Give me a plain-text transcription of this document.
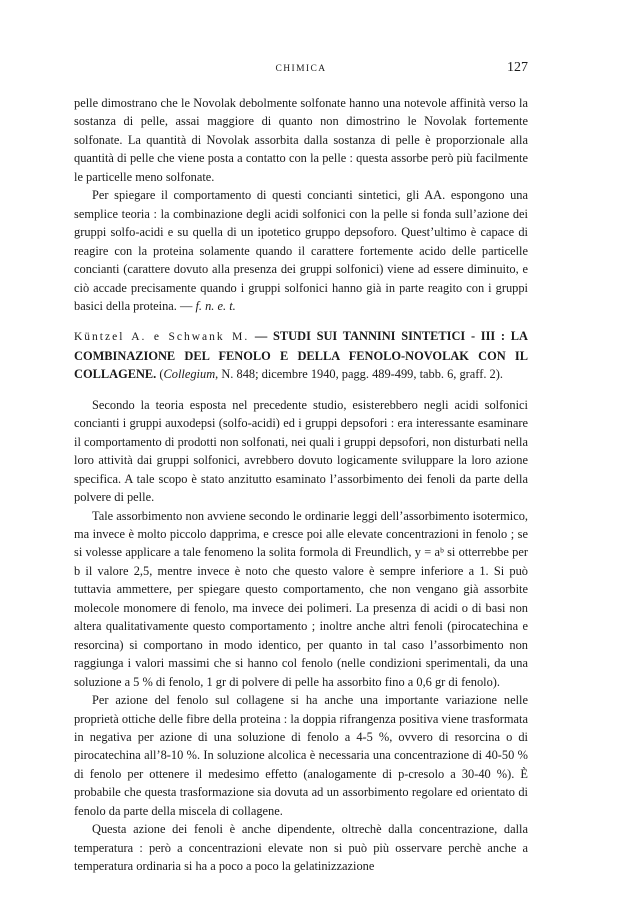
CHIMICA	127

pelle dimostrano che le Novolak debolmente solfonate hanno una notevole affinità verso la sostanza di pelle, assai maggiore di quanto non dimostrino le Novolak fortemente solfonate. La quantità di Novolak assorbita dalla sostanza di pelle è proporzionale alla quantità di pelle che viene posta a contatto con la pelle : questa assorbe però più facilmente le particelle meno solfonate.

Per spiegare il comportamento di questi concianti sintetici, gli AA. espongono una semplice teoria : la combinazione degli acidi solfonici con la pelle si fonda sull’azione dei gruppi solfo-acidi e su quella di un ipotetico gruppo depsoforo. Quest’ultimo è capace di reagire con la proteina solamente quando il carattere fortemente acido delle particelle concianti (carattere dovuto alla presenza dei gruppi solfonici) viene ad essere diminuito, e ciò accade precisamente quando i gruppi solfonici hanno già in parte reagito con i gruppi basici della proteina. — f. n. e. t.

Küntzel A. e Schwank M. — STUDI SUI TANNINI SINTETICI - III : LA COMBINAZIONE DEL FENOLO E DELLA FENOLO-NOVOLAK CON IL COLLAGENE. (Collegium, N. 848; dicembre 1940, pagg. 489-499, tabb. 6, graff. 2).

Secondo la teoria esposta nel precedente studio, esisterebbero negli acidi solfonici concianti i gruppi auxodepsi (solfo-acidi) ed i gruppi depsofori : era interessante esaminare il comportamento di prodotti non solfonati, nei quali i gruppi depsofori, non disturbati nella loro attività dai gruppi solfonici, avrebbero dovuto logicamente sviluppare la loro azione specifica. A tale scopo è stato anzitutto esaminato l’assorbimento dei fenoli da parte della polvere di pelle.

Tale assorbimento non avviene secondo le ordinarie leggi dell’assorbimento isotermico, ma invece è molto piccolo dapprima, e cresce poi alle elevate concentrazioni in fenolo ; se si volesse applicare a tale fenomeno la solita formola di Freundlich, y = aᵇ si otterrebbe per b il valore 2,5, mentre invece è noto che questo valore è sempre inferiore a 1. Si può tuttavia ammettere, per spiegare questo comportamento, che non vengano già assorbite molecole monomere di fenolo, ma invece dei polimeri. La presenza di acidi o di basi non altera qualitativamente questo comportamento ; inoltre anche altri fenoli (pirocatechina e resorcina) si comportano in modo identico, per quanto in tal caso l’assorbimento non raggiunga i valori massimi che si hanno col fenolo (nelle condizioni sperimentali, da una soluzione a 5 % di fenolo, 1 gr di polvere di pelle ha assorbito fino a 0,6 gr di fenolo).

Per azione del fenolo sul collagene si ha anche una importante variazione nelle proprietà ottiche delle fibre della proteina : la doppia rifrangenza positiva viene trasformata in negativa per azione di una soluzione di fenolo a 4-5 %, ovvero di resorcina o di pirocatechina all’8-10 %. In soluzione alcolica è necessaria una concentrazione di 40-50 % di fenolo per ottenere il medesimo effetto (analogamente di p-cresolo a 30-40 %). È probabile che questa trasformazione sia dovuta ad un assorbimento regolare ed orientato di fenolo da parte della miscela di collagene.

Questa azione dei fenoli è anche dipendente, oltrechè dalla concentrazione, dalla temperatura : però a concentrazioni elevate non si può più osservare perchè anche a temperatura ordinaria si ha a poco a poco la gelatinizzazione
